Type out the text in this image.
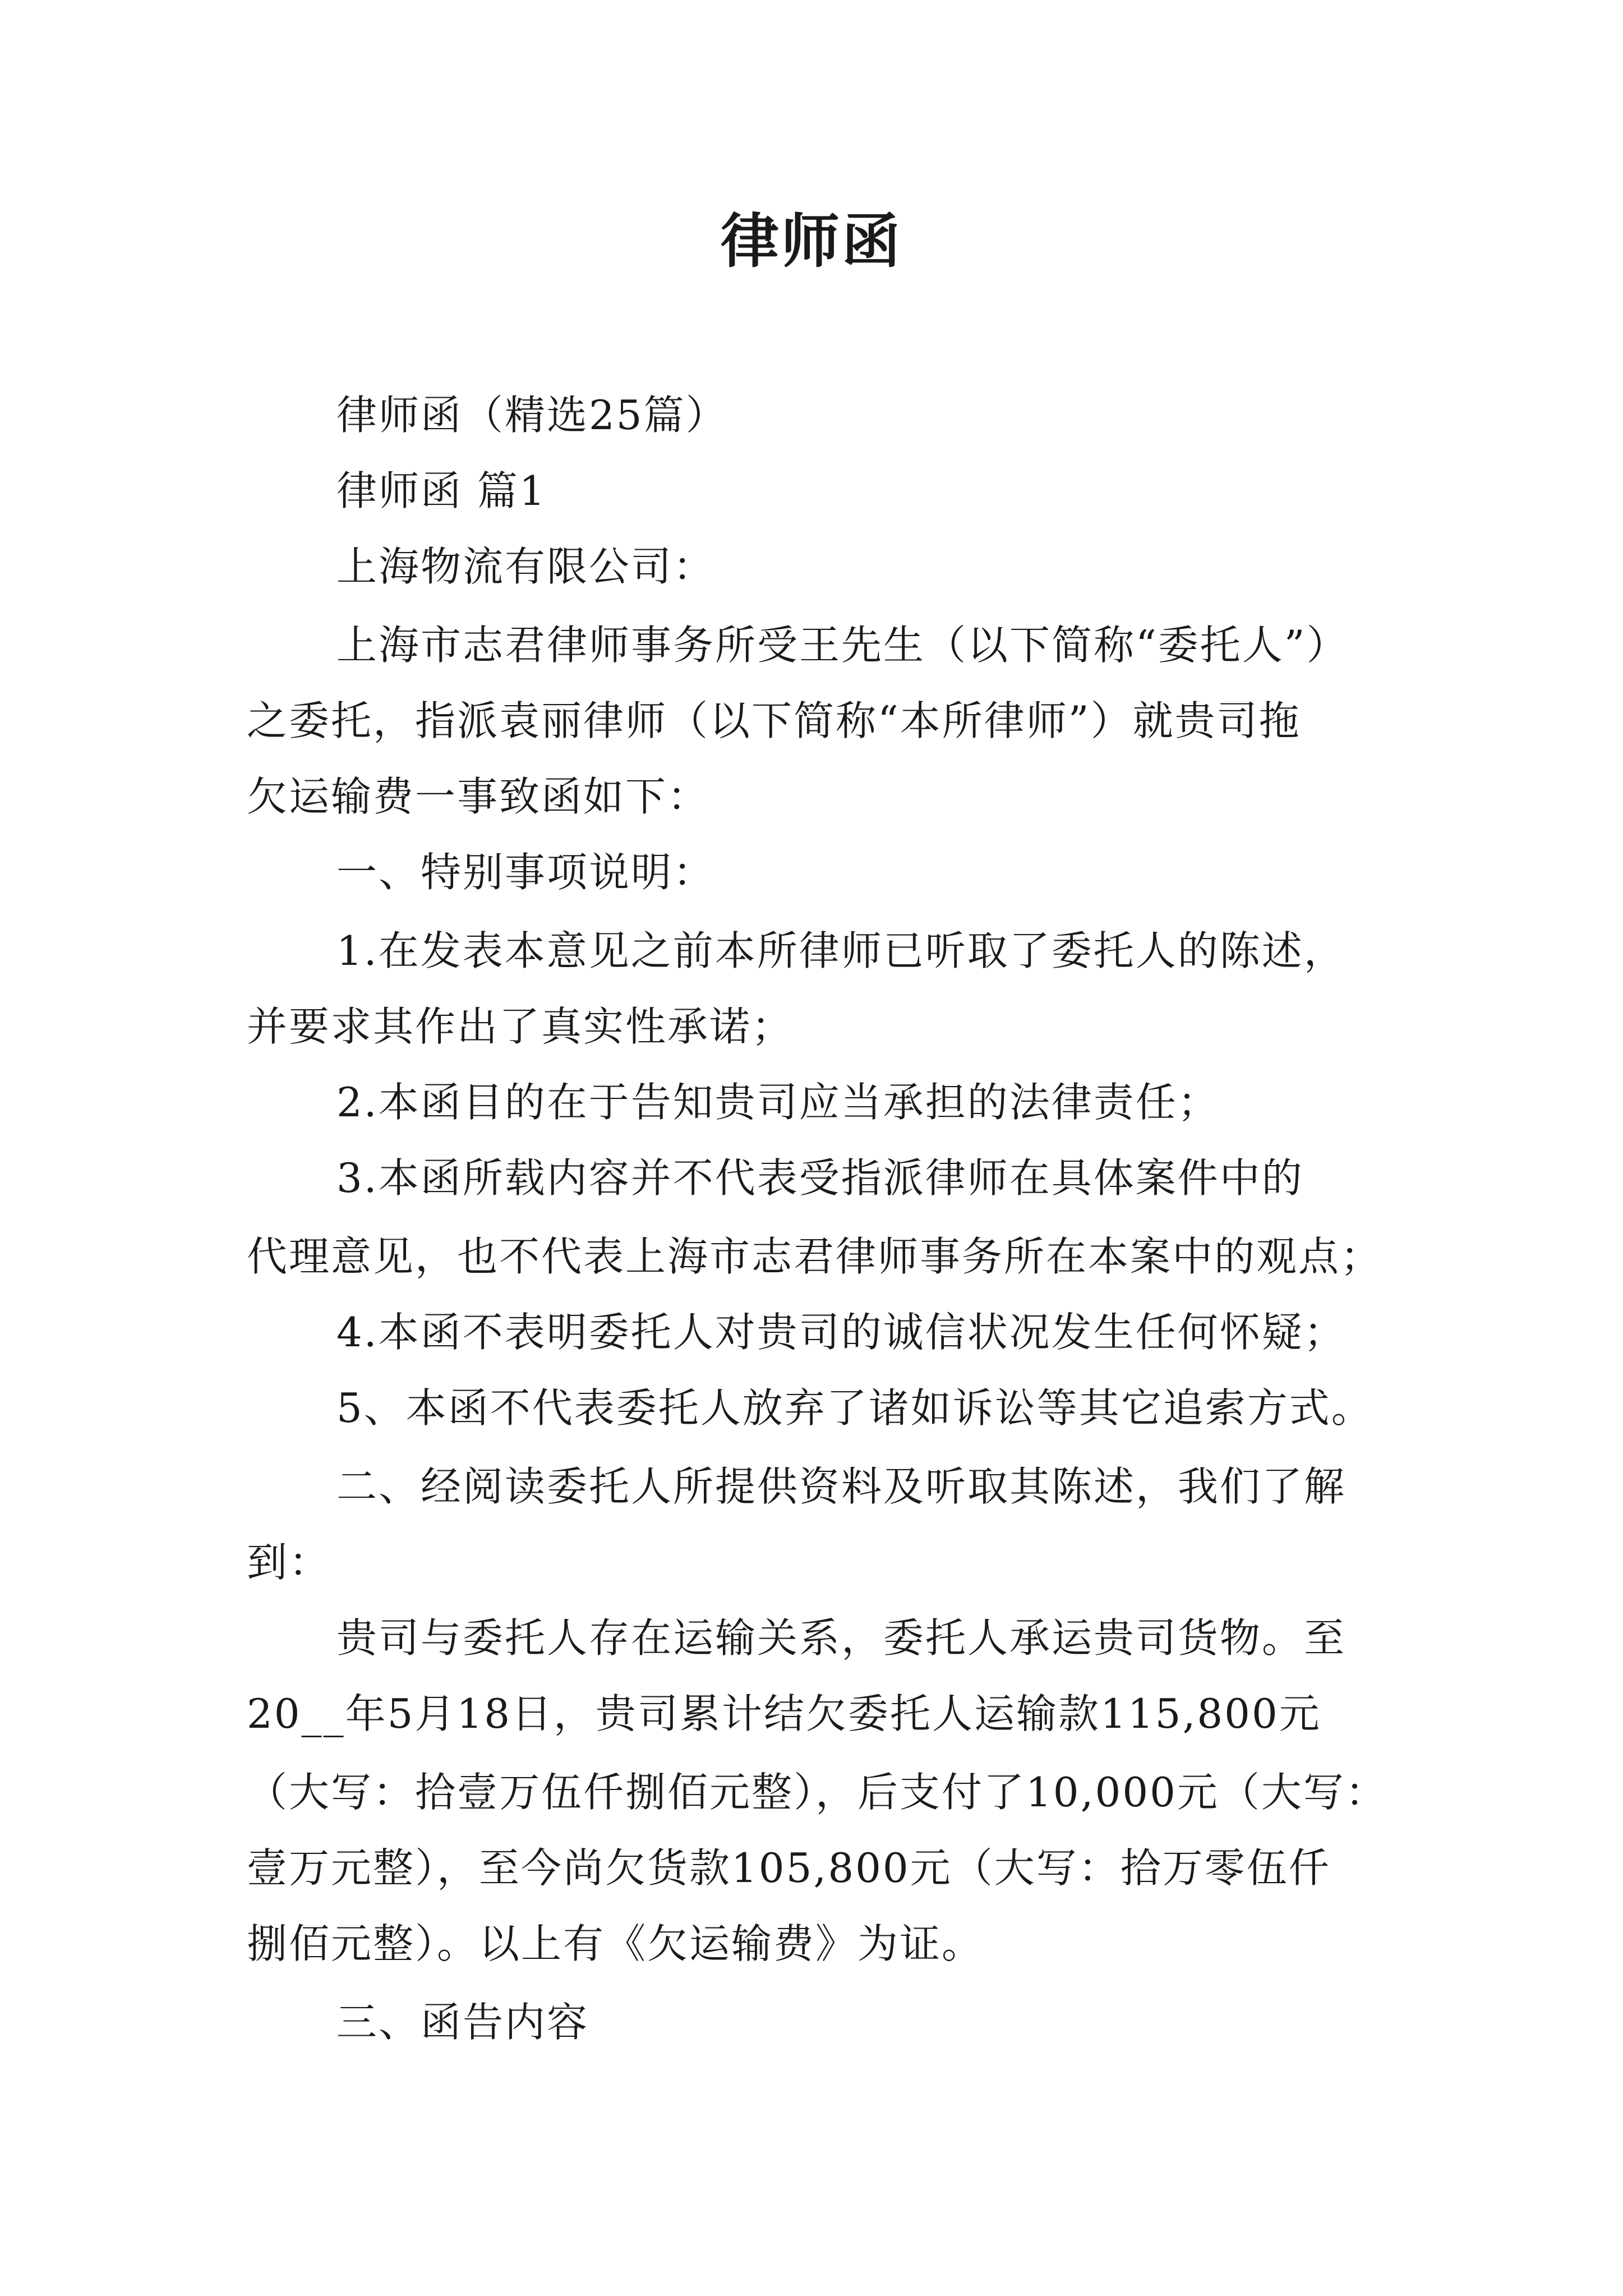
律师函
律师函（精选25篇）
律师函 篇1
上海物流有限公司：
上海市志君律师事务所受王先生（以下简称“委托人”）
之委托，指派袁丽律师（以下简称“本所律师”）就贵司拖
欠运输费一事致函如下：
一、特别事项说明：
1.在发表本意见之前本所律师已听取了委托人的陈述，
并要求其作出了真实性承诺；
2.本函目的在于告知贵司应当承担的法律责任；
3.本函所载内容并不代表受指派律师在具体案件中的
代理意见，也不代表上海市志君律师事务所在本案中的观点；
4.本函不表明委托人对贵司的诚信状况发生任何怀疑；
5、本函不代表委托人放弃了诸如诉讼等其它追索方式。
二、经阅读委托人所提供资料及听取其陈述，我们了解
到：
贵司与委托人存在运输关系，委托人承运贵司货物。至
20__年5月18日，贵司累计结欠委托人运输款115,800元
（大写：拾壹万伍仟捌佰元整），后支付了10,000元（大写：
壹万元整），至今尚欠货款105,800元（大写：拾万零伍仟
捌佰元整）。以上有《欠运输费》为证。
三、函告内容
